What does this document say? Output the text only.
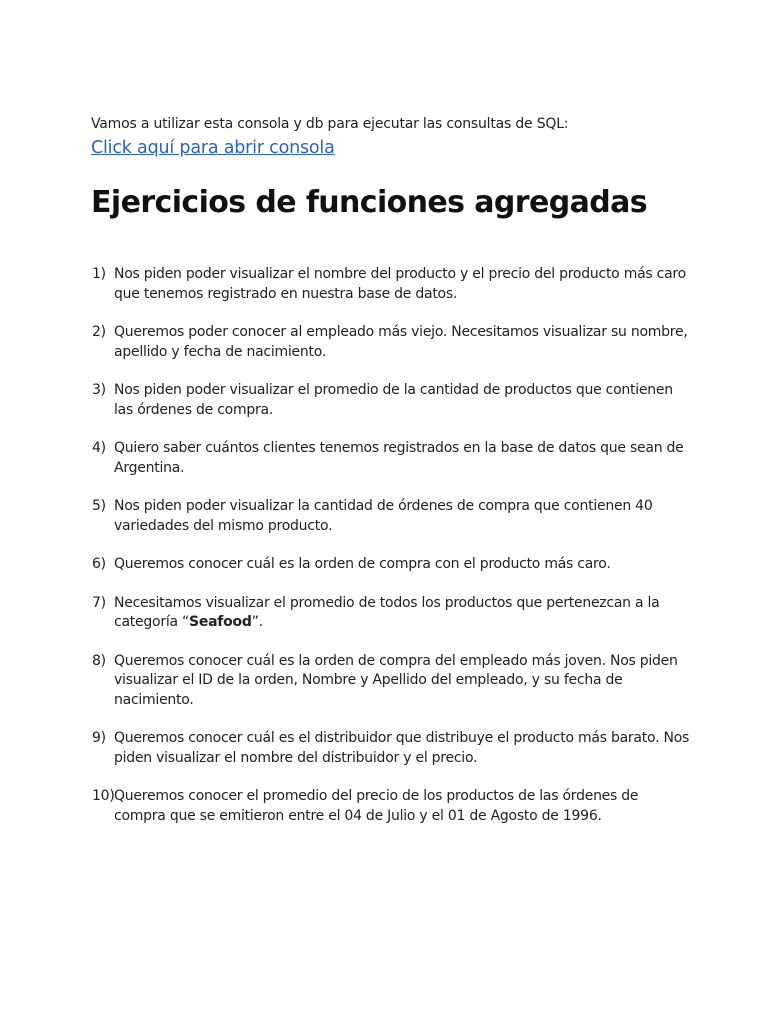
Vamos a utilizar esta consola y db para ejecutar las consultas de SQL:

Click aquí para abrir consola
Ejercicios de funciones agregadas
1) Nos piden poder visualizar el nombre del producto y el precio del producto más caro que tenemos registrado en nuestra base de datos.
2) Queremos poder conocer al empleado más viejo. Necesitamos visualizar su nombre, apellido y fecha de nacimiento.
3) Nos piden poder visualizar el promedio de la cantidad de productos que contienen las órdenes de compra.
4) Quiero saber cuántos clientes tenemos registrados en la base de datos que sean de Argentina.
5) Nos piden poder visualizar la cantidad de órdenes de compra que contienen 40 variedades del mismo producto.
6) Queremos conocer cuál es la orden de compra con el producto más caro.
7) Necesitamos visualizar el promedio de todos los productos que pertenezcan a la categoría “Seafood”.
8) Queremos conocer cuál es la orden de compra del empleado más joven. Nos piden visualizar el ID de la orden, Nombre y Apellido del empleado, y su fecha de nacimiento.
9) Queremos conocer cuál es el distribuidor que distribuye el producto más barato. Nos piden visualizar el nombre del distribuidor y el precio.
10) Queremos conocer el promedio del precio de los productos de las órdenes de compra que se emitieron entre el 04 de Julio y el 01 de Agosto de 1996.
